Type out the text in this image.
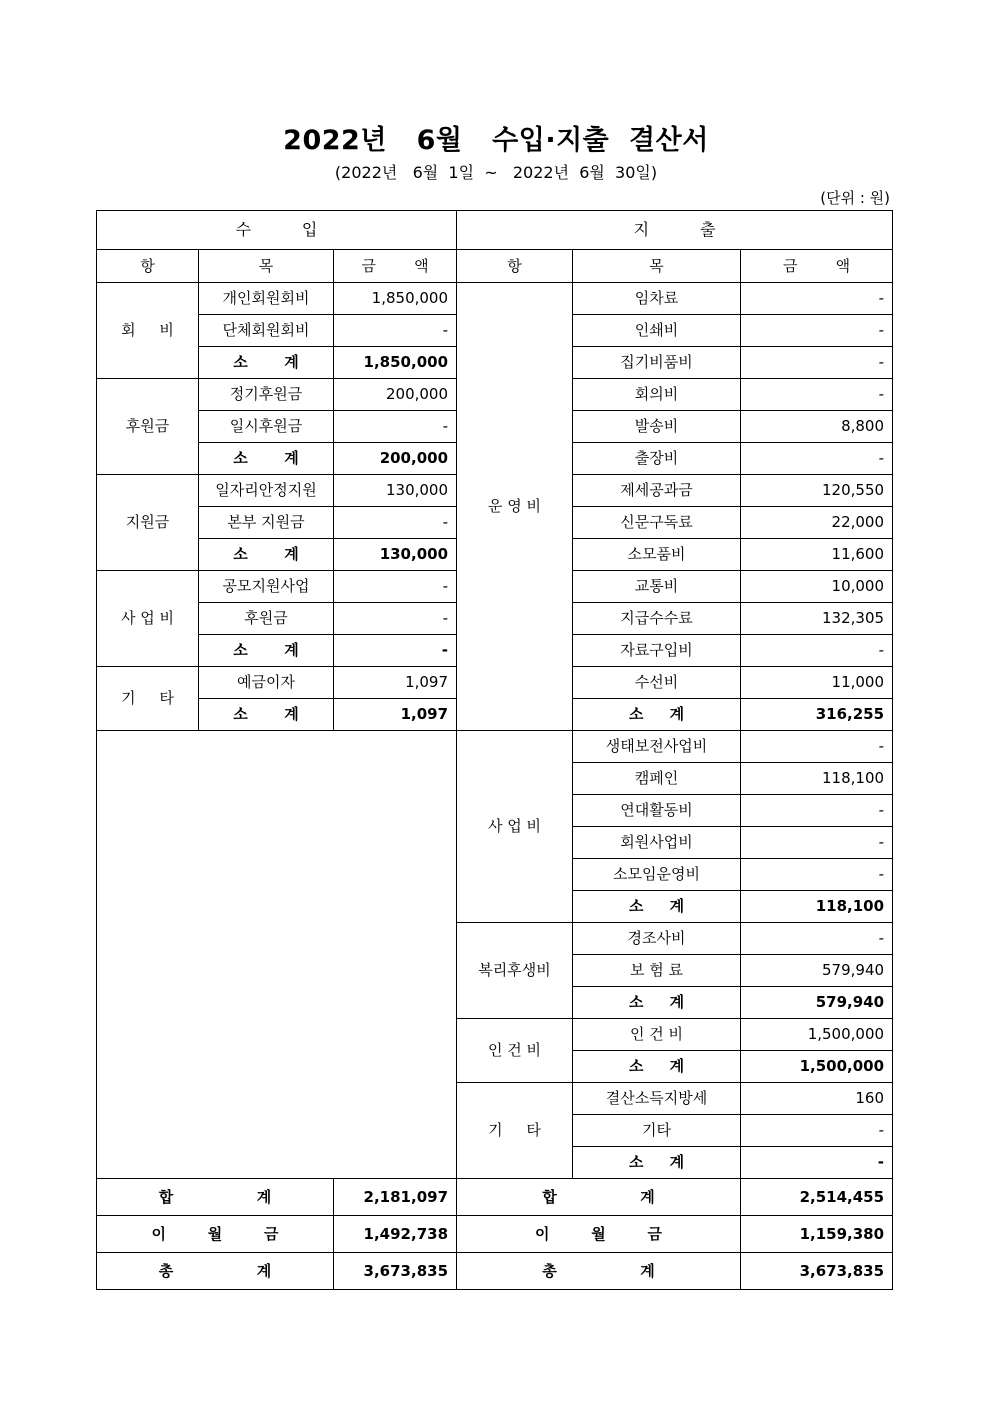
2022년   6월   수입·지출  결산서
(2022년   6월  1일  ~   2022년  6월  30일)
(단위 : 원)
수          입			지          출		
항	목	금        액	항	목	금        액
회     비	개인회원회비	1,850,000	운 영 비	임차료	-
	단체회원회비	-		인쇄비	-
	소       계	1,850,000		집기비품비	-
후원금	정기후원금	200,000		회의비	-
	일시후원금	-		발송비	8,800
	소       계	200,000		출장비	-
지원금	일자리안정지원	130,000		제세공과금	120,550
	본부 지원금	-		신문구독료	22,000
	소       계	130,000		소모품비	11,600
사 업 비	공모지원사업	-		교통비	10,000
	후원금	-		지급수수료	132,305
	소       계	-		자료구입비	-
기     타	예금이자	1,097		수선비	11,000
	소       계	1,097		소     계	316,255
			사 업 비	생태보전사업비	-
				캠페인	118,100
				연대활동비	-
				회원사업비	-
				소모임운영비	-
				소     계	118,100
			복리후생비	경조사비	-
				보 험 료	579,940
				소     계	579,940
			인 건 비	인 건 비	1,500,000
				소     계	1,500,000
			기     타	결산소득지방세	160
				기타	-
				소     계	-
합                계		2,181,097	합                계		2,514,455
이        월        금		1,492,738	이        월        금		1,159,380
총                계		3,673,835	총                계		3,673,835
